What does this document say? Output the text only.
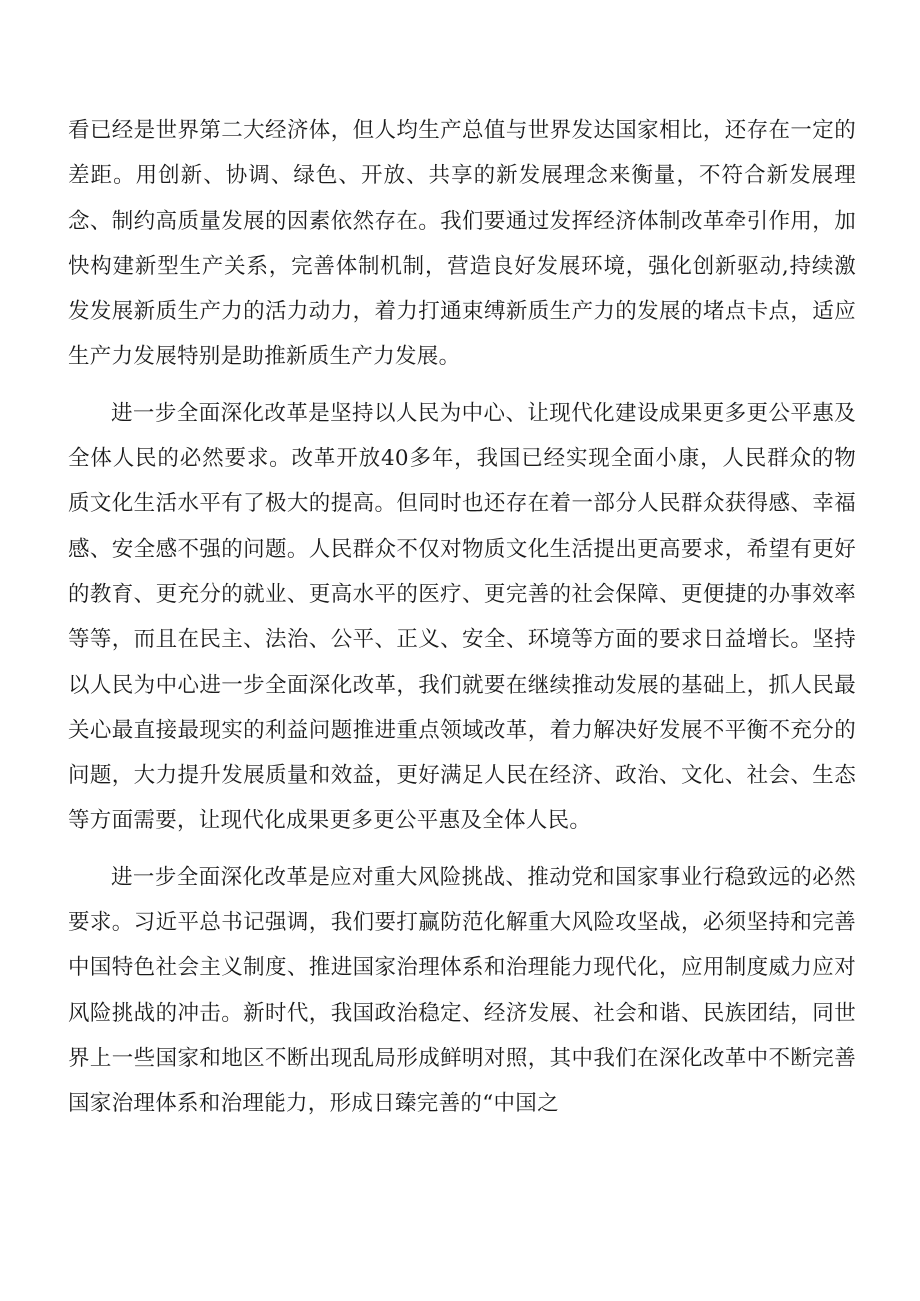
看已经是世界第二大经济体，但人均生产总值与世界发达国家相比，还存在一定的差距。用创新、协调、绿色、开放、共享的新发展理念来衡量，不符合新发展理念、制约高质量发展的因素依然存在。我们要通过发挥经济体制改革牵引作用，加快构建新型生产关系，完善体制机制，营造良好发展环境，强化创新驱动,持续激发发展新质生产力的活力动力，着力打通束缚新质生产力的发展的堵点卡点，适应生产力发展特别是助推新质生产力发展。

进一步全面深化改革是坚持以人民为中心、让现代化建设成果更多更公平惠及全体人民的必然要求。改革开放40多年，我国已经实现全面小康，人民群众的物质文化生活水平有了极大的提高。但同时也还存在着一部分人民群众获得感、幸福感、安全感不强的问题。人民群众不仅对物质文化生活提出更高要求，希望有更好的教育、更充分的就业、更高水平的医疗、更完善的社会保障、更便捷的办事效率等等，而且在民主、法治、公平、正义、安全、环境等方面的要求日益增长。坚持以人民为中心进一步全面深化改革，我们就要在继续推动发展的基础上，抓人民最关心最直接最现实的利益问题推进重点领域改革，着力解决好发展不平衡不充分的问题，大力提升发展质量和效益，更好满足人民在经济、政治、文化、社会、生态等方面需要，让现代化成果更多更公平惠及全体人民。

进一步全面深化改革是应对重大风险挑战、推动党和国家事业行稳致远的必然要求。习近平总书记强调，我们要打赢防范化解重大风险攻坚战，必须坚持和完善中国特色社会主义制度、推进国家治理体系和治理能力现代化，应用制度威力应对风险挑战的冲击。新时代，我国政治稳定、经济发展、社会和谐、民族团结，同世界上一些国家和地区不断出现乱局形成鲜明对照，其中我们在深化改革中不断完善国家治理体系和治理能力，形成日臻完善的“中国之
